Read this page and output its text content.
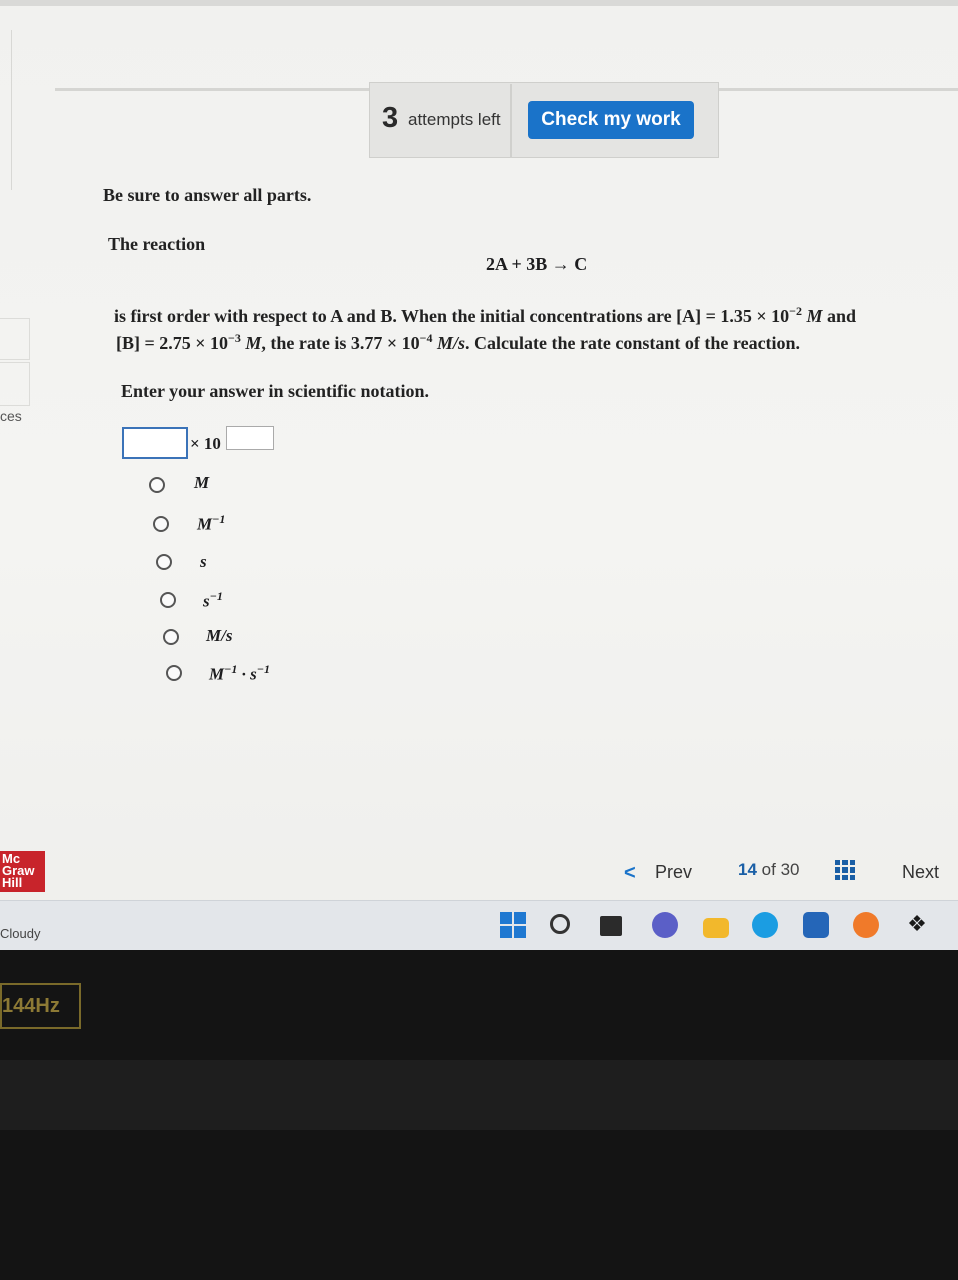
ces
3 attempts left	Check my work
Be sure to answer all parts.
The reaction
2A + 3B → C
is first order with respect to A and B. When the initial concentrations are $[A] = 1.35 \times 10^{-2}$ M and
$[B] = 2.75 \times 10^{-3}$ M, the rate is $3.77 \times 10^{-4}$ M/s. Calculate the rate constant of the reaction.
Enter your answer in scientific notation.
× 10
M
$M^{-1}$
s
$s^{-1}$
M/s
$M^{-1} \cdot s^{-1}$
Mc
Graw
Hill	< Prev	14 of 30	Next
Cloudy	❖
144Hz
